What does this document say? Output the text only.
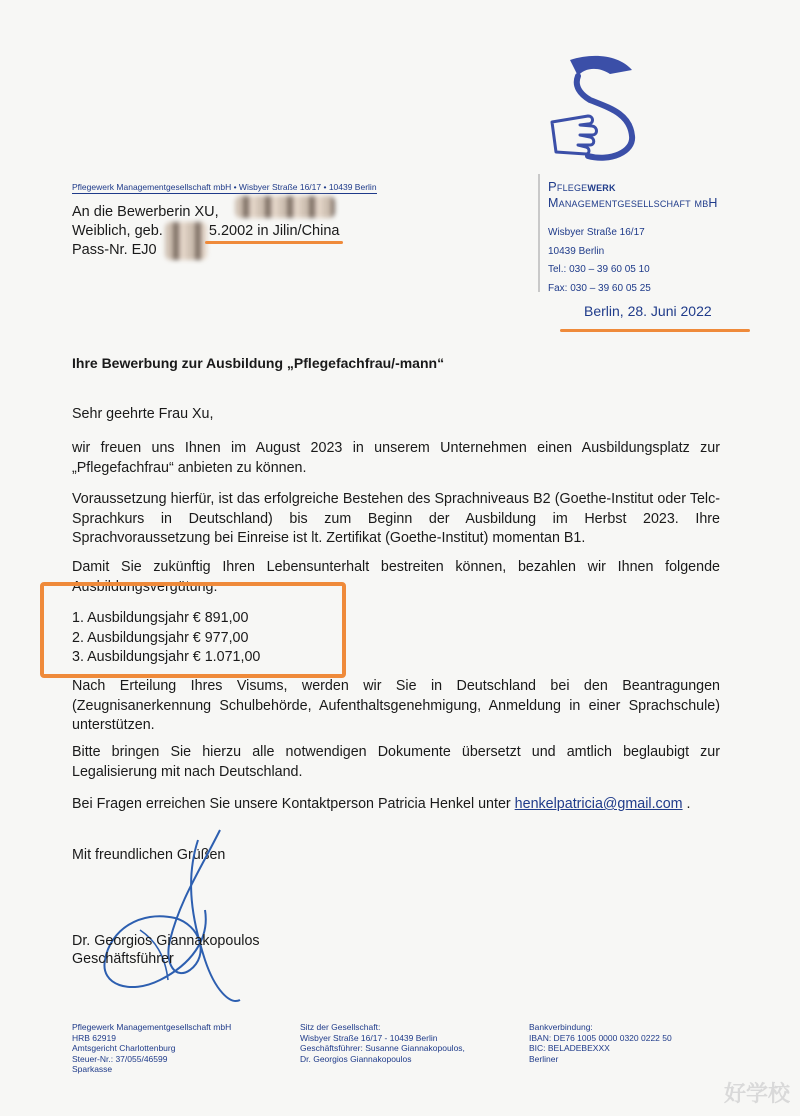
Pflegewerk Managementgesellschaft mbH • Wisbyer Straße 16/17 • 10439 Berlin
An die Bewerberin XU,
Weiblich, geb.	5.2002 in Jilin/China
Pass-Nr. EJ0
Pflegewerk
Managementgesellschaft mbH
Wisbyer Straße 16/17
10439 Berlin
Tel.: 030 – 39 60 05 10
Fax: 030 – 39 60 05 25
Berlin, 28. Juni 2022
Ihre Bewerbung zur Ausbildung „Pflegefachfrau/-mann“
Sehr geehrte Frau Xu,
wir freuen uns Ihnen im August 2023 in unserem Unternehmen einen Ausbildungsplatz zur „Pflegefachfrau“ anbieten zu können.
Voraussetzung hierfür, ist das erfolgreiche Bestehen des Sprachniveaus B2 (Goethe-Institut oder Telc-Sprachkurs in Deutschland) bis zum Beginn der Ausbildung im Herbst 2023. Ihre Sprachvoraussetzung bei Einreise ist lt. Zertifikat (Goethe-Institut) momentan B1.
Damit Sie zukünftig Ihren Lebensunterhalt bestreiten können, bezahlen wir Ihnen folgende Ausbildungsvergütung:
1. Ausbildungsjahr € 891,00
2. Ausbildungsjahr € 977,00
3. Ausbildungsjahr € 1.071,00
Nach Erteilung Ihres Visums, werden wir Sie in Deutschland bei den Beantragungen (Zeugnisanerkennung Schulbehörde, Aufenthaltsgenehmigung, Anmeldung in einer Sprachschule) unterstützen.
Bitte bringen Sie hierzu alle notwendigen Dokumente übersetzt und amtlich beglaubigt zur Legalisierung mit nach Deutschland.
Bei Fragen erreichen Sie unsere Kontaktperson Patricia Henkel unter henkelpatricia@gmail.com .
Mit freundlichen Grüßen
Dr. Georgios Giannakopoulos
Geschäftsführer
Pflegewerk Managementgesellschaft mbH
HRB 62919
Amtsgericht Charlottenburg
Steuer-Nr.: 37/055/46599
Sparkasse
Sitz der Gesellschaft:
Wisbyer Straße 16/17 - 10439 Berlin
Geschäftsführer: Susanne Giannakopoulos,
Dr. Georgios Giannakopoulos
Bankverbindung:
IBAN: DE76 1005 0000 0320 0222 50
BIC: BELADEBEXXX
Berliner
好学校
